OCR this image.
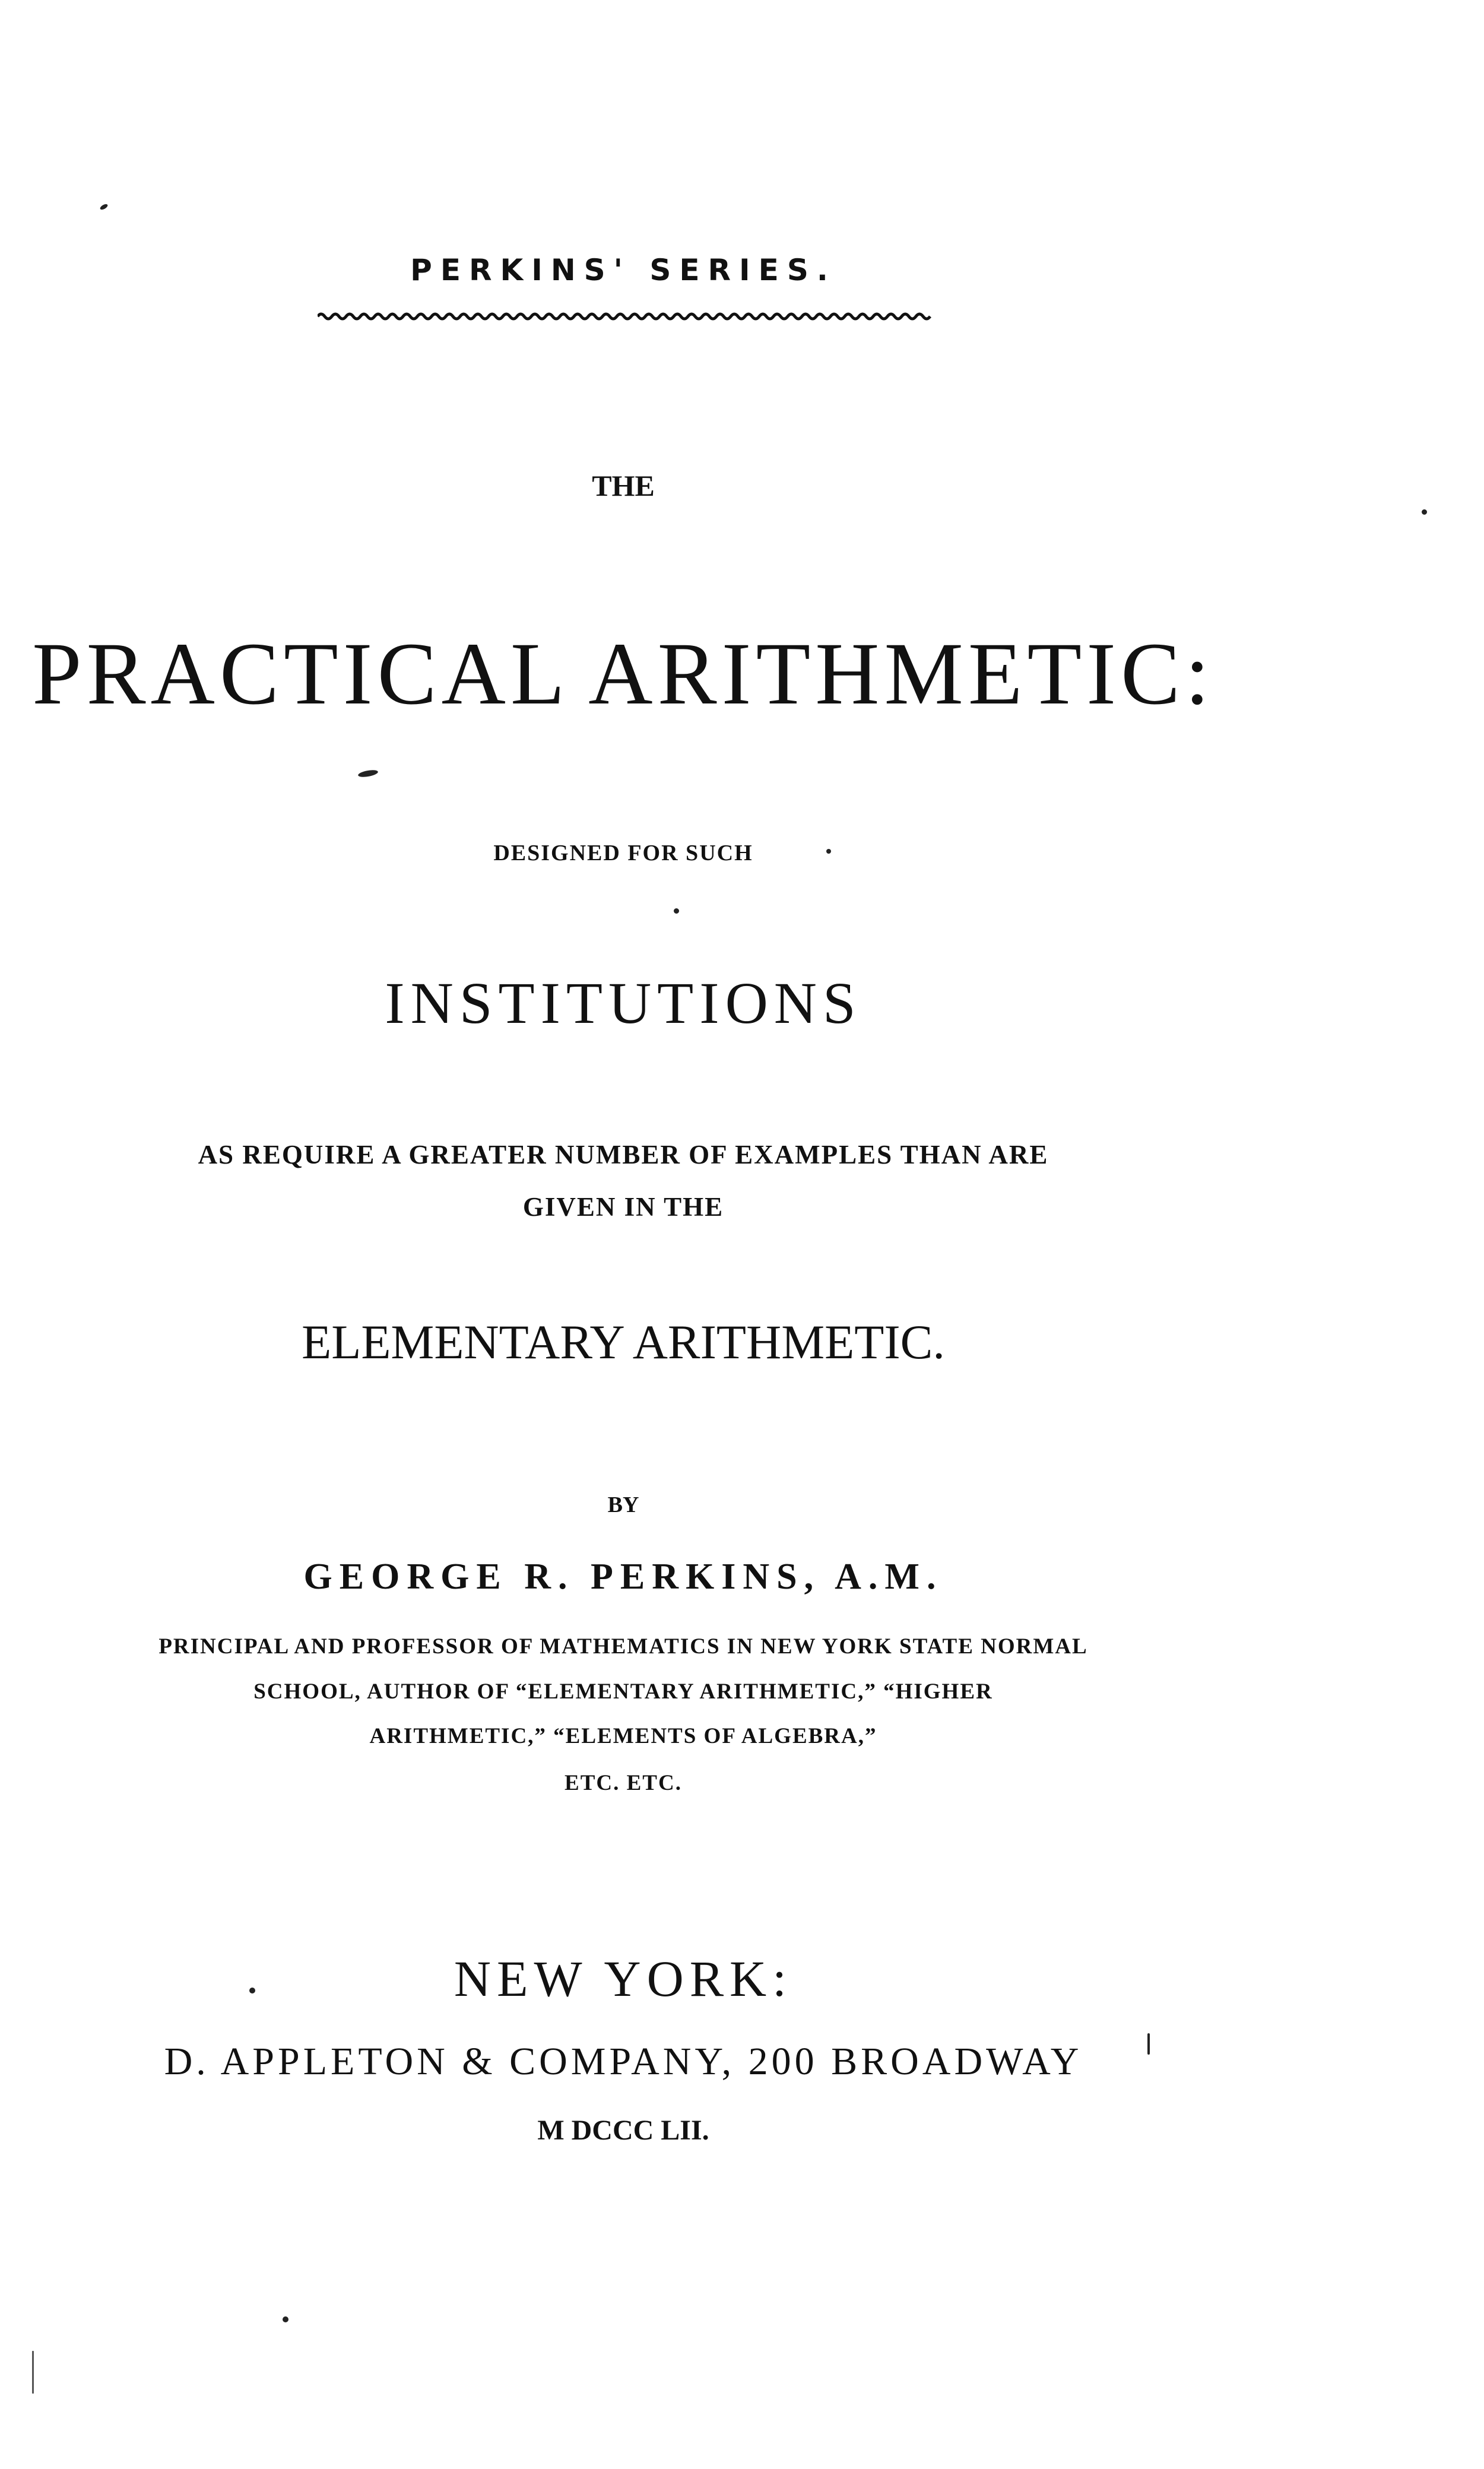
PERKINS' SERIES.

THE

PRACTICAL ARITHMETIC:

DESIGNED FOR SUCH

INSTITUTIONS

AS REQUIRE A GREATER NUMBER OF EXAMPLES THAN ARE

GIVEN IN THE

ELEMENTARY ARITHMETIC.

BY

GEORGE R. PERKINS, A.M.

PRINCIPAL AND PROFESSOR OF MATHEMATICS IN NEW YORK STATE NORMAL

SCHOOL, AUTHOR OF “ELEMENTARY ARITHMETIC,” “HIGHER

ARITHMETIC,” “ELEMENTS OF ALGEBRA,”

ETC. ETC.

NEW YORK:

D. APPLETON & COMPANY, 200 BROADWAY

M DCCC LII.
